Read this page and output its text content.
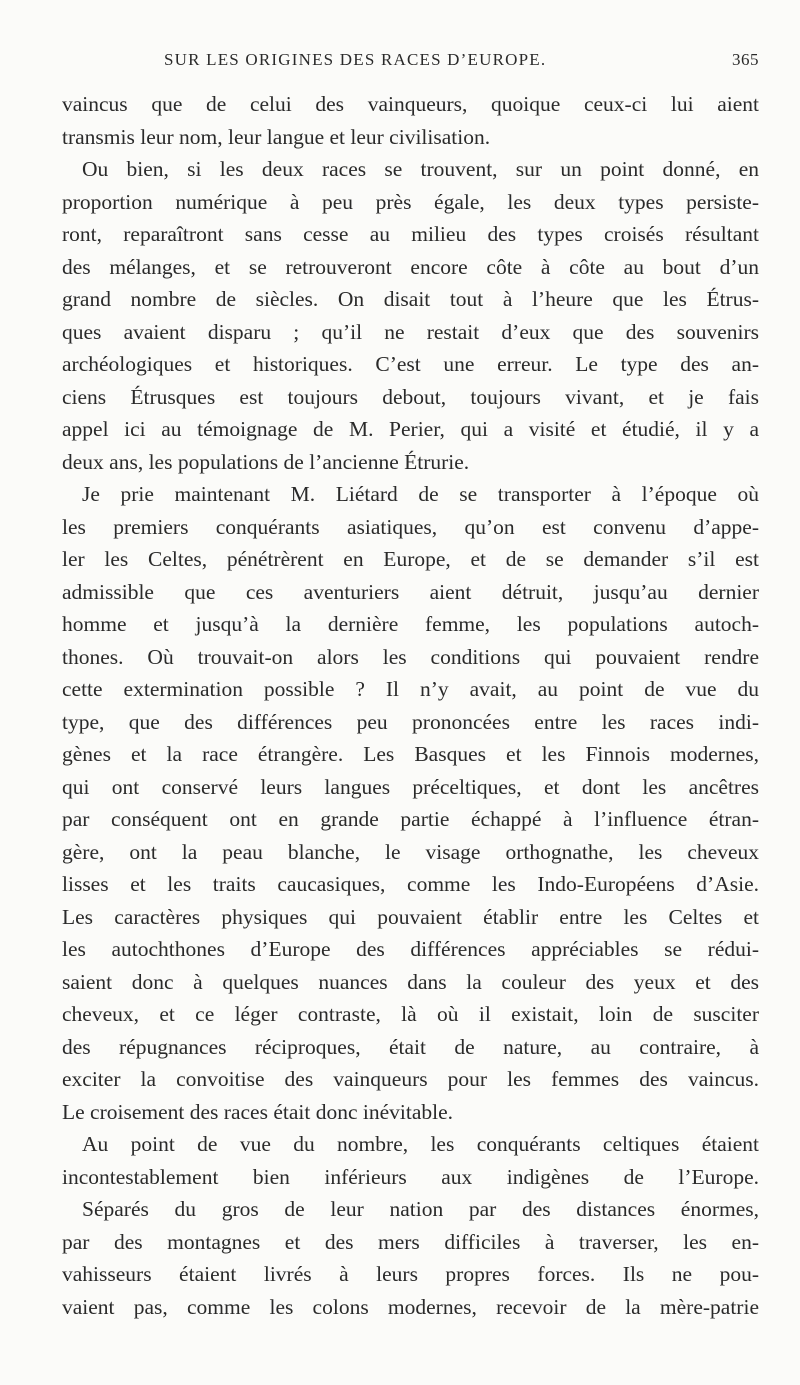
SUR LES ORIGINES DES RACES D’EUROPE.	365
vaincus que de celui des vainqueurs, quoique ceux-ci lui aient
transmis leur nom, leur langue et leur civilisation.
Ou bien, si les deux races se trouvent, sur un point donné, en
proportion numérique à peu près égale, les deux types persiste-
ront, reparaîtront sans cesse au milieu des types croisés résultant
des mélanges, et se retrouveront encore côte à côte au bout d’un
grand nombre de siècles. On disait tout à l’heure que les Étrus-
ques avaient disparu ; qu’il ne restait d’eux que des souvenirs
archéologiques et historiques. C’est une erreur. Le type des an-
ciens Étrusques est toujours debout, toujours vivant, et je fais
appel ici au témoignage de M. Perier, qui a visité et étudié, il y a
deux ans, les populations de l’ancienne Étrurie.
Je prie maintenant M. Liétard de se transporter à l’époque où
les premiers conquérants asiatiques, qu’on est convenu d’appe-
ler les Celtes, pénétrèrent en Europe, et de se demander s’il est
admissible que ces aventuriers aient détruit, jusqu’au dernier
homme et jusqu’à la dernière femme, les populations autoch-
thones. Où trouvait-on alors les conditions qui pouvaient rendre
cette extermination possible ? Il n’y avait, au point de vue du
type, que des différences peu prononcées entre les races indi-
gènes et la race étrangère. Les Basques et les Finnois modernes,
qui ont conservé leurs langues préceltiques, et dont les ancêtres
par conséquent ont en grande partie échappé à l’influence étran-
gère, ont la peau blanche, le visage orthognathe, les cheveux
lisses et les traits caucasiques, comme les Indo-Européens d’Asie.
Les caractères physiques qui pouvaient établir entre les Celtes et
les autochthones d’Europe des différences appréciables se rédui-
saient donc à quelques nuances dans la couleur des yeux et des
cheveux, et ce léger contraste, là où il existait, loin de susciter
des répugnances réciproques, était de nature, au contraire, à
exciter la convoitise des vainqueurs pour les femmes des vaincus.
Le croisement des races était donc inévitable.
Au point de vue du nombre, les conquérants celtiques étaient
incontestablement bien inférieurs aux indigènes de l’Europe.
Séparés du gros de leur nation par des distances énormes,
par des montagnes et des mers difficiles à traverser, les en-
vahisseurs étaient livrés à leurs propres forces. Ils ne pou-
vaient pas, comme les colons modernes, recevoir de la mère-patrie
